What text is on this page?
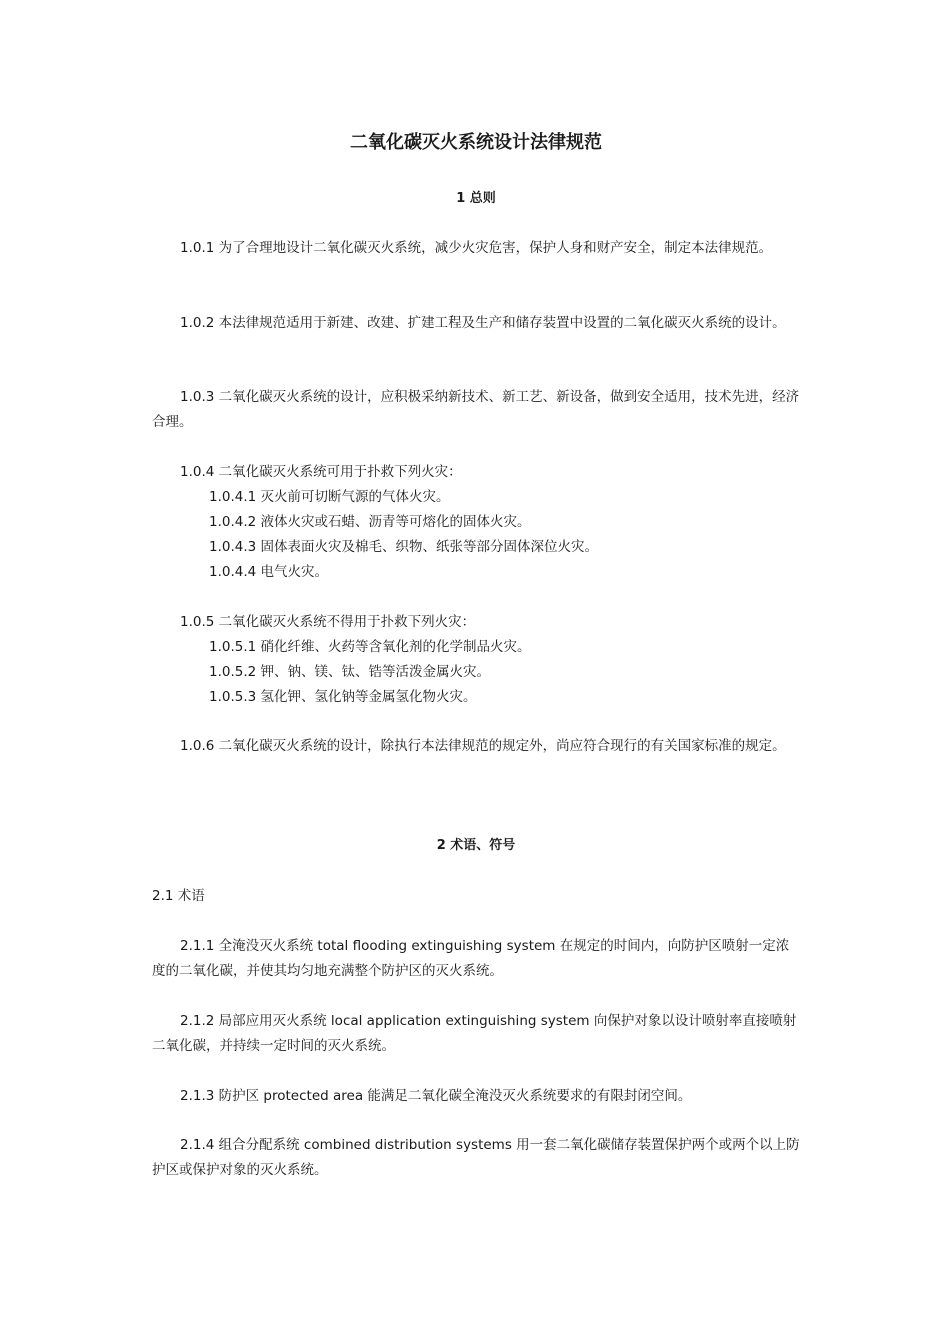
二氧化碳灭火系统设计法律规范
1 总则

1.0.1 为了合理地设计二氧化碳灭火系统，减少火灾危害，保护人身和财产安全，制定本法律规范。

1.0.2 本法律规范适用于新建、改建、扩建工程及生产和储存装置中设置的二氧化碳灭火系统的设计。

1.0.3 二氧化碳灭火系统的设计，应积极采纳新技术、新工艺、新设备，做到安全适用，技术先进，经济合理。

1.0.4 二氧化碳灭火系统可用于扑救下列火灾：

1.0.4.1 灭火前可切断气源的气体火灾。

1.0.4.2 液体火灾或石蜡、沥青等可熔化的固体火灾。

1.0.4.3 固体表面火灾及棉毛、织物、纸张等部分固体深位火灾。

1.0.4.4 电气火灾。

1.0.5 二氧化碳灭火系统不得用于扑救下列火灾：

1.0.5.1 硝化纤维、火药等含氧化剂的化学制品火灾。

1.0.5.2 钾、钠、镁、钛、锆等活泼金属火灾。

1.0.5.3 氢化钾、氢化钠等金属氢化物火灾。

1.0.6 二氧化碳灭火系统的设计，除执行本法律规范的规定外，尚应符合现行的有关国家标准的规定。

2 术语、符号

2.1 术语

2.1.1 全淹没灭火系统 total flooding extinguishing system 在规定的时间内，向防护区喷射一定浓度的二氧化碳，并使其均匀地充满整个防护区的灭火系统。

2.1.2 局部应用灭火系统 local application extinguishing system 向保护对象以设计喷射率直接喷射二氧化碳，并持续一定时间的灭火系统。

2.1.3 防护区 protected area 能满足二氧化碳全淹没灭火系统要求的有限封闭空间。

2.1.4 组合分配系统 combined distribution systems 用一套二氧化碳储存装置保护两个或两个以上防护区或保护对象的灭火系统。
